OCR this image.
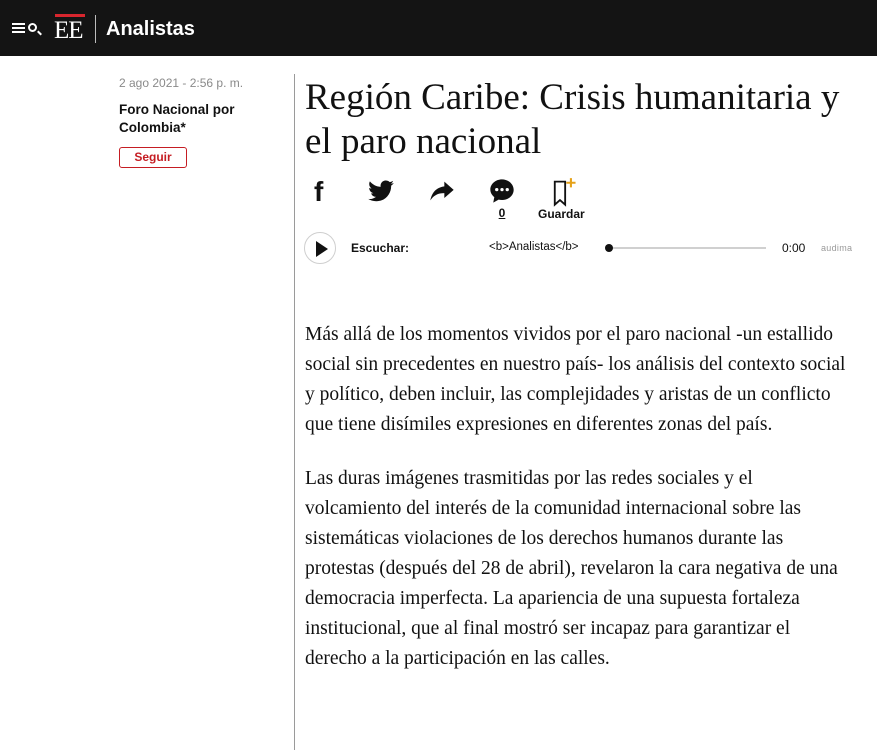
EE Analistas
2 ago 2021 - 2:56 p. m.
Foro Nacional por Colombia*
Seguir
Región Caribe: Crisis humanitaria y el paro nacional
f
0	Guardar
Escuchar:	<b>Analistas</b>	0:00 audima

Más allá de los momentos vividos por el paro nacional -un estallido social sin precedentes en nuestro país- los análisis del contexto social y político, deben incluir, las complejidades y aristas de un conflicto que tiene disímiles expresiones en diferentes zonas del país.

Las duras imágenes trasmitidas por las redes sociales y el volcamiento del interés de la comunidad internacional sobre las sistemáticas violaciones de los derechos humanos durante las protestas (después del 28 de abril), revelaron la cara negativa de una democracia imperfecta. La apariencia de una supuesta fortaleza institucional, que al final mostró ser incapaz para garantizar el derecho a la participación en las calles.
